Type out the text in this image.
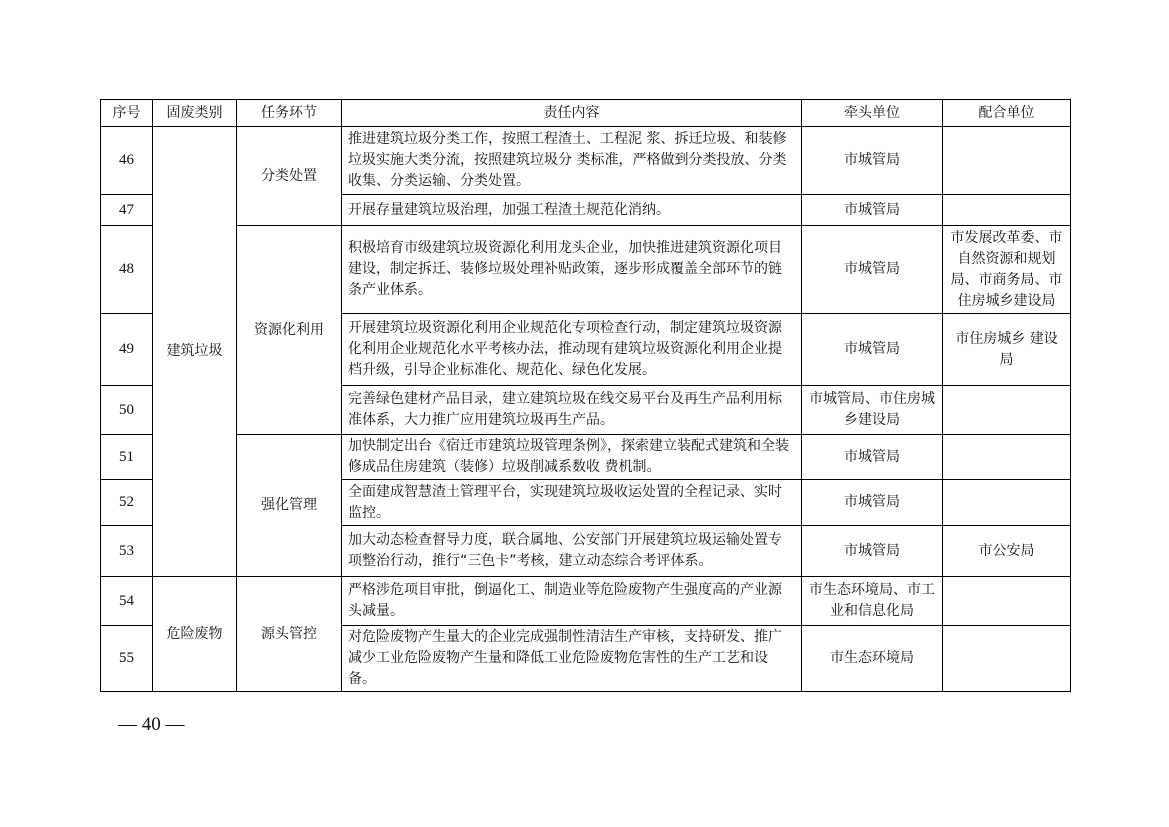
序号	固废类别	任务环节	责任内容	牵头单位	配合单位
46	建筑垃圾	分类处置	推进建筑垃圾分类工作，按照工程渣土、工程泥 浆、拆迁垃圾、和装修垃圾实施大类分流，按照建筑垃圾分 类标准，严格做到分类投放、分类收集、分类运输、分类处置。	市城管局	
47			开展存量建筑垃圾治理，加强工程渣土规范化消纳。	市城管局	
48		资源化利用	积极培育市级建筑垃圾资源化利用龙头企业，加快推进建筑资源化项目建设，制定拆迁、装修垃圾处理补贴政策，逐步形成覆盖全部环节的链条产业体系。	市城管局	市发展改革委、市自然资源和规划局、市商务局、市住房城乡建设局
49			开展建筑垃圾资源化利用企业规范化专项检查行动，制定建筑垃圾资源化利用企业规范化水平考核办法，推动现有建筑垃圾资源化利用企业提档升级，引导企业标准化、规范化、绿色化发展。	市城管局	市住房城乡 建设局
50			完善绿色建材产品目录，建立建筑垃圾在线交易平台及再生产品利用标准体系，大力推广应用建筑垃圾再生产品。	市城管局、市住房城乡建设局	
51		强化管理	加快制定出台《宿迁市建筑垃圾管理条例》，探索建立装配式建筑和全装修成品住房建筑（装修）垃圾削减系数收 费机制。	市城管局	
52			全面建成智慧渣土管理平台，实现建筑垃圾收运处置的全程记录、实时监控。	市城管局	
53			加大动态检查督导力度，联合属地、公安部门开展建筑垃圾运输处置专项整治行动，推行“三色卡”考核，建立动态综合考评体系。	市城管局	市公安局
54	危险废物	源头管控	严格涉危项目审批，倒逼化工、制造业等危险废物产生强度高的产业源头减量。	市生态环境局、市工业和信息化局	
55			对危险废物产生量大的企业完成强制性清洁生产审核，支持研发、推广减少工业危险废物产生量和降低工业危险废物危害性的生产工艺和设备。	市生态环境局	
— 40 —
